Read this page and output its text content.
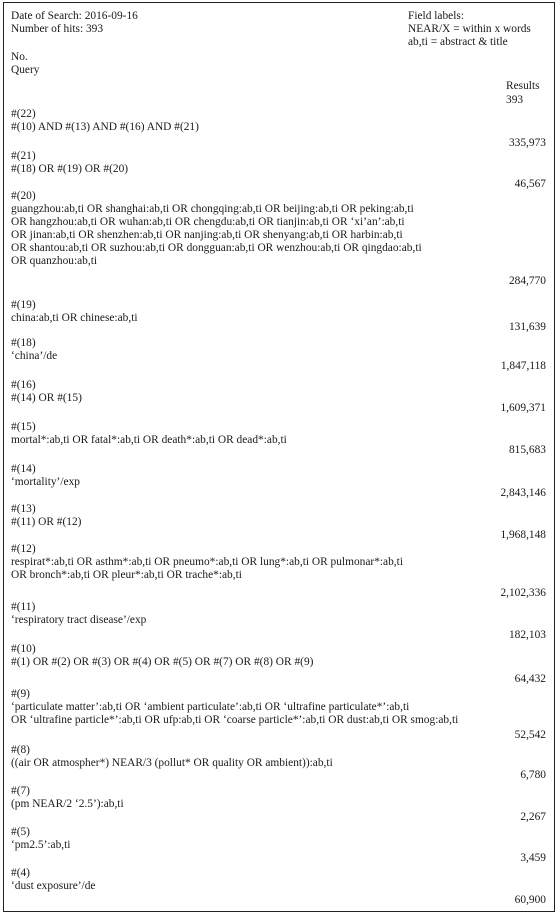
Date of Search: 2016-09-16
Number of hits: 393
Field labels:
NEAR/X = within x words
ab,ti = abstract & title
No.
Query
Results
#(22)
#(10) AND #(13) AND #(16) AND #(21)
393
#(21)
#(18) OR #(19) OR #(20)
335,973
#(20)
guangzhou:ab,ti OR shanghai:ab,ti OR chongqing:ab,ti OR beijing:ab,ti OR peking:ab,ti
OR hangzhou:ab,ti OR wuhan:ab,ti OR chengdu:ab,ti OR tianjin:ab,ti OR ‘xi’an’:ab,ti
OR jinan:ab,ti OR shenzhen:ab,ti OR nanjing:ab,ti OR shenyang:ab,ti OR harbin:ab,ti
OR shantou:ab,ti OR suzhou:ab,ti OR dongguan:ab,ti OR wenzhou:ab,ti OR qingdao:ab,ti
OR quanzhou:ab,ti
46,567
#(19)
china:ab,ti OR chinese:ab,ti
284,770
#(18)
‘china’/de
131,639
#(16)
#(14) OR #(15)
1,847,118
#(15)
mortal*:ab,ti OR fatal*:ab,ti OR death*:ab,ti OR dead*:ab,ti
1,609,371
#(14)
‘mortality’/exp
815,683
#(13)
#(11) OR #(12)
2,843,146
#(12)
respirat*:ab,ti OR asthm*:ab,ti OR pneumo*:ab,ti OR lung*:ab,ti OR pulmonar*:ab,ti
OR bronch*:ab,ti OR pleur*:ab,ti OR trache*:ab,ti
1,968,148
#(11)
‘respiratory tract disease’/exp
2,102,336
#(10)
#(1) OR #(2) OR #(3) OR #(4) OR #(5) OR #(7) OR #(8) OR #(9)
182,103
#(9)
‘particulate matter’:ab,ti OR ‘ambient particulate’:ab,ti OR ‘ultrafine particulate*’:ab,ti
OR ‘ultrafine particle*’:ab,ti OR ufp:ab,ti OR ‘coarse particle*’:ab,ti OR dust:ab,ti OR smog:ab,ti
64,432
#(8)
((air OR atmospher*) NEAR/3 (pollut* OR quality OR ambient)):ab,ti
52,542
#(7)
(pm NEAR/2 ‘2.5’):ab,ti
6,780
#(5)
‘pm2.5’:ab,ti
2,267
#(4)
‘dust exposure’/de
3,459
60,900
